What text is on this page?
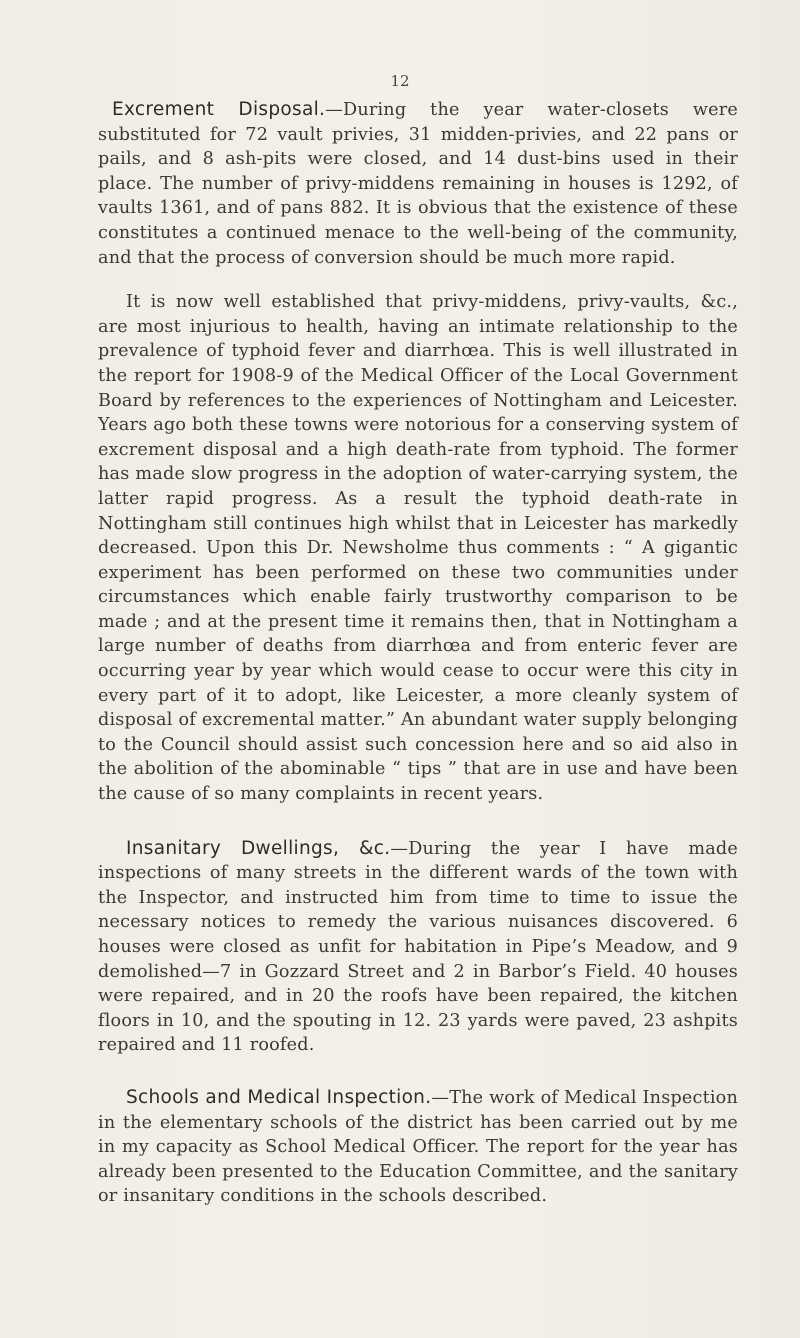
12

Excrement Disposal.—During the year water-closets were substituted for 72 vault privies, 31 midden-privies, and 22 pans or pails, and 8 ash-pits were closed, and 14 dust-bins used in their place. The number of privy-middens remaining in houses is 1292, of vaults 1361, and of pans 882. It is obvious that the existence of these constitutes a continued menace to the well-being of the community, and that the process of conversion should be much more rapid.

It is now well established that privy-middens, privy-vaults, &c., are most injurious to health, having an intimate relationship to the prevalence of typhoid fever and diarrhœa. This is well illustrated in the report for 1908-9 of the Medical Officer of the Local Government Board by references to the experiences of Nottingham and Leicester. Years ago both these towns were notorious for a conserving system of excrement disposal and a high death-rate from typhoid. The former has made slow progress in the adoption of water-carrying system, the latter rapid progress. As a result the typhoid death-rate in Nottingham still continues high whilst that in Leicester has markedly decreased. Upon this Dr. Newsholme thus comments : “ A gigantic experiment has been performed on these two communities under circumstances which enable fairly trustworthy comparison to be made ; and at the present time it remains then, that in Nottingham a large number of deaths from diarrhœa and from enteric fever are occurring year by year which would cease to occur were this city in every part of it to adopt, like Leicester, a more cleanly system of disposal of excremental matter.” An abundant water supply belonging to the Council should assist such concession here and so aid also in the abolition of the abominable “ tips ” that are in use and have been the cause of so many complaints in recent years.

Insanitary Dwellings, &c.—During the year I have made inspections of many streets in the different wards of the town with the Inspector, and instructed him from time to time to issue the necessary notices to remedy the various nuisances discovered. 6 houses were closed as unfit for habitation in Pipe’s Meadow, and 9 demolished—7 in Gozzard Street and 2 in Barbor’s Field. 40 houses were repaired, and in 20 the roofs have been repaired, the kitchen floors in 10, and the spouting in 12. 23 yards were paved, 23 ashpits repaired and 11 roofed.

Schools and Medical Inspection.—The work of Medical Inspection in the elementary schools of the district has been carried out by me in my capacity as School Medical Officer. The report for the year has already been presented to the Education Committee, and the sanitary or insanitary conditions in the schools described.
